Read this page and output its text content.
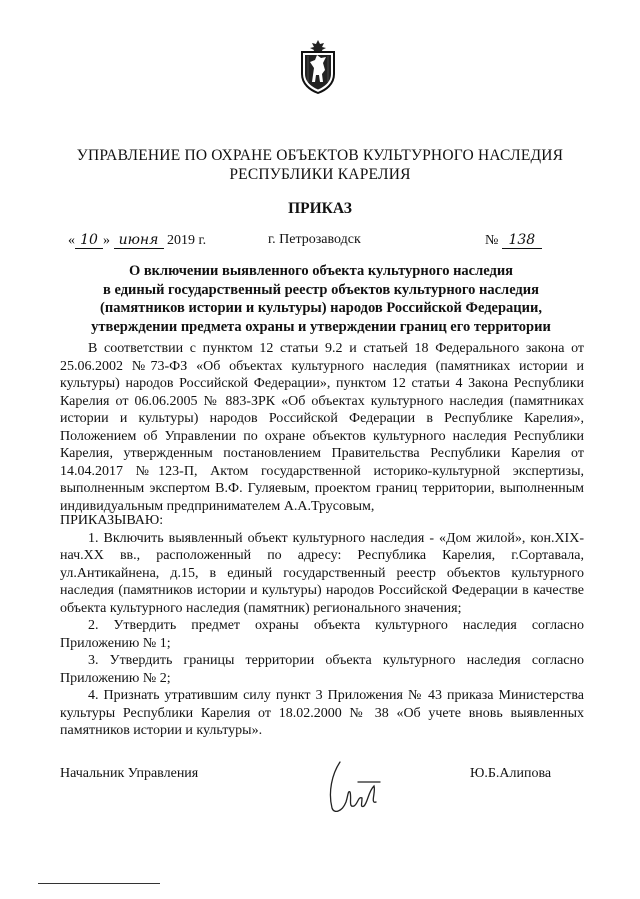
УПРАВЛЕНИЕ ПО ОХРАНЕ ОБЪЕКТОВ КУЛЬТУРНОГО НАСЛЕДИЯ
РЕСПУБЛИКИ КАРЕЛИЯ
ПРИКАЗ
« 10 » июня 2019 г.	г. Петрозаводск	№ 138
О включении выявленного объекта культурного наследия
в единый государственный реестр объектов культурного наследия
(памятников истории и культуры) народов Российской Федерации,
утверждении предмета охраны и утверждении границ его территории

В соответствии с пунктом 12 статьи 9.2 и статьей 18 Федерального закона от 25.06.2002 №73-ФЗ «Об объектах культурного наследия (памятниках истории и культуры) народов Российской Федерации», пунктом 12 статьи 4 Закона Республики Карелия от 06.06.2005 № 883-ЗРК «Об объектах культурного наследия (памятниках истории и культуры) народов Российской Федерации в Республике Карелия», Положением об Управлении по охране объектов культурного наследия Республики Карелия, утвержденным постановлением Правительства Республики Карелия от 14.04.2017 №123-П, Актом государственной историко-культурной экспертизы, выполненным экспертом В.Ф. Гуляевым, проектом границ территории, выполненным индивидуальным предпринимателем А.А.Трусовым,

ПРИКАЗЫВАЮ:

1. Включить выявленный объект культурного наследия - «Дом жилой», кон.XIX-нач.XX вв., расположенный по адресу: Республика Карелия, г.Сортавала, ул.Антикайнена, д.15, в единый государственный реестр объектов культурного наследия (памятников истории и культуры) народов Российской Федерации в качестве объекта культурного наследия (памятник) регионального значения;

2. Утвердить предмет охраны объекта культурного наследия согласно Приложению № 1;

3. Утвердить границы территории объекта культурного наследия согласно Приложению № 2;

4. Признать утратившим силу пункт 3 Приложения № 43 приказа Министерства культуры Республики Карелия от 18.02.2000 № 38 «Об учете вновь выявленных памятников истории и культуры».

Начальник Управления	Ю.Б.Алипова
